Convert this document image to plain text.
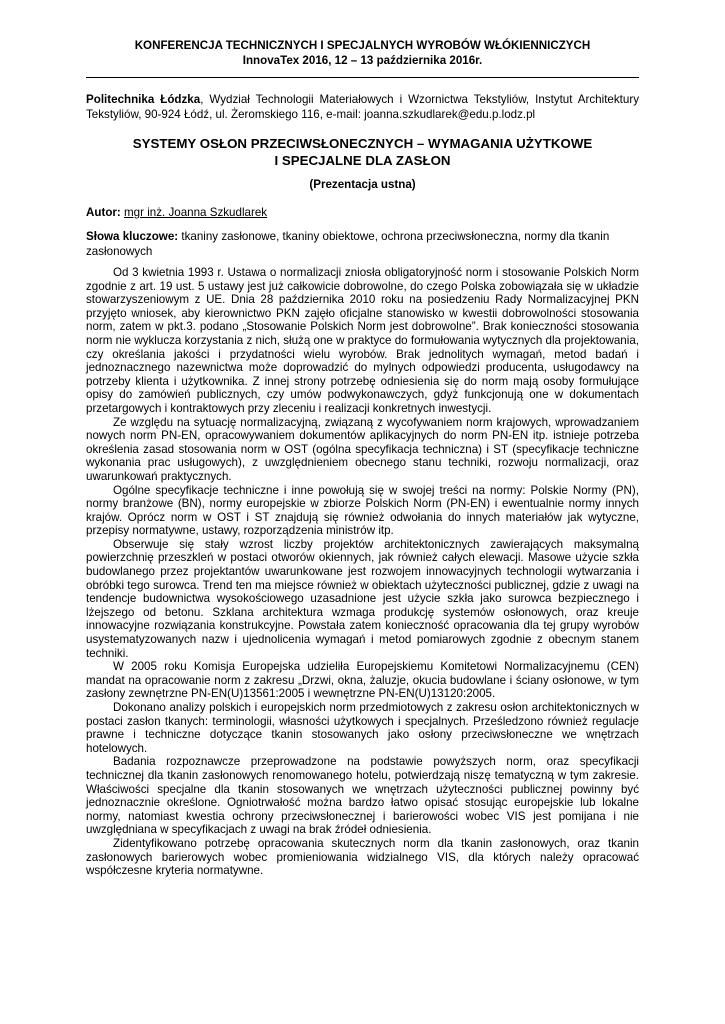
KONFERENCJA TECHNICZNYCH I SPECJALNYCH WYROBÓW WŁÓKIENNICZYCH
InnovaTex 2016, 12 – 13 października 2016r.
Politechnika Łódzka, Wydział Technologii Materiałowych i Wzornictwa Tekstyliów, Instytut Architektury Tekstyliów, 90-924 Łódź, ul. Żeromskiego 116, e-mail: joanna.szkudlarek@edu.p.lodz.pl
SYSTEMY OSŁON PRZECIWSŁONECZNYCH – WYMAGANIA UŻYTKOWE
I SPECJALNE DLA ZASŁON
(Prezentacja ustna)
Autor: mgr inż. Joanna Szkudlarek
Słowa kluczowe: tkaniny zasłonowe, tkaniny obiektowe, ochrona przeciwsłoneczna, normy dla tkanin zasłonowych

Od 3 kwietnia 1993 r. Ustawa o normalizacji zniosła obligatoryjność norm i stosowanie Polskich Norm zgodnie z art. 19 ust. 5 ustawy jest już całkowicie dobrowolne, do czego Polska zobowiązała się w układzie stowarzyszeniowym z UE. Dnia 28 października 2010 roku na posiedzeniu Rady Normalizacyjnej PKN przyjęto wniosek, aby kierownictwo PKN zajęło oficjalne stanowisko w kwestii dobrowolności stosowania norm, zatem w pkt.3. podano „Stosowanie Polskich Norm jest dobrowolne”. Brak konieczności stosowania norm nie wyklucza korzystania z nich, służą one w praktyce do formułowania wytycznych dla projektowania, czy określania jakości i przydatności wielu wyrobów. Brak jednolitych wymagań, metod badań i jednoznacznego nazewnictwa może doprowadzić do mylnych odpowiedzi producenta, usługodawcy na potrzeby klienta i użytkownika. Z innej strony potrzebę odniesienia się do norm mają osoby formułujące opisy do zamówień publicznych, czy umów podwykonawczych, gdyż funkcjonują one w dokumentach przetargowych i kontraktowych przy zleceniu i realizacji konkretnych inwestycji.

Ze względu na sytuację normalizacyjną, związaną z wycofywaniem norm krajowych, wprowadzaniem nowych norm PN-EN, opracowywaniem dokumentów aplikacyjnych do norm PN-EN itp. istnieje potrzeba określenia zasad stosowania norm w OST (ogólna specyfikacja techniczna) i ST (specyfikacje techniczne wykonania prac usługowych), z uwzględnieniem obecnego stanu techniki, rozwoju normalizacji, oraz uwarunkowań praktycznych.

Ogólne specyfikacje techniczne i inne powołują się w swojej treści na normy: Polskie Normy (PN), normy branżowe (BN), normy europejskie w zbiorze Polskich Norm (PN-EN) i ewentualnie normy innych krajów. Oprócz norm w OST i ST znajdują się również odwołania do innych materiałów jak wytyczne, przepisy normatywne, ustawy, rozporządzenia ministrów itp.

Obserwuje się stały wzrost liczby projektów architektonicznych zawierających maksymalną powierzchnię przeszkleń w postaci otworów okiennych, jak również całych elewacji. Masowe użycie szkła budowlanego przez projektantów uwarunkowane jest rozwojem innowacyjnych technologii wytwarzania i obróbki tego surowca. Trend ten ma miejsce również w obiektach użyteczności publicznej, gdzie z uwagi na tendencje budownictwa wysokościowego uzasadnione jest użycie szkła jako surowca bezpiecznego i lżejszego od betonu. Szklana architektura wzmaga produkcję systemów osłonowych, oraz kreuje innowacyjne rozwiązania konstrukcyjne. Powstała zatem konieczność opracowania dla tej grupy wyrobów usystematyzowanych nazw i ujednolicenia wymagań i metod pomiarowych zgodnie z obecnym stanem techniki.

W 2005 roku Komisja Europejska udzieliła Europejskiemu Komitetowi Normalizacyjnemu (CEN) mandat na opracowanie norm z zakresu „Drzwi, okna, żaluzje, okucia budowlane i ściany osłonowe, w tym zasłony zewnętrzne PN-EN(U)13561:2005 i wewnętrzne PN-EN(U)13120:2005.

Dokonano analizy polskich i europejskich norm przedmiotowych z zakresu osłon architektonicznych w postaci zasłon tkanych: terminologii, własności użytkowych i specjalnych. Prześledzono również regulacje prawne i techniczne dotyczące tkanin stosowanych jako osłony przeciwsłoneczne we wnętrzach hotelowych.

Badania rozpoznawcze przeprowadzone na podstawie powyższych norm, oraz specyfikacji technicznej dla tkanin zasłonowych renomowanego hotelu, potwierdzają niszę tematyczną w tym zakresie. Właściwości specjalne dla tkanin stosowanych we wnętrzach użyteczności publicznej powinny być jednoznacznie określone. Ogniotrwałość można bardzo łatwo opisać stosując europejskie lub lokalne normy, natomiast kwestia ochrony przeciwsłonecznej i barierowości wobec VIS jest pomijana i nie uwzględniana w specyfikacjach z uwagi na brak źródeł odniesienia.

Zidentyfikowano potrzebę opracowania skutecznych norm dla tkanin zasłonowych, oraz tkanin zasłonowych barierowych wobec promieniowania widzialnego VIS, dla których należy opracować współczesne kryteria normatywne.
